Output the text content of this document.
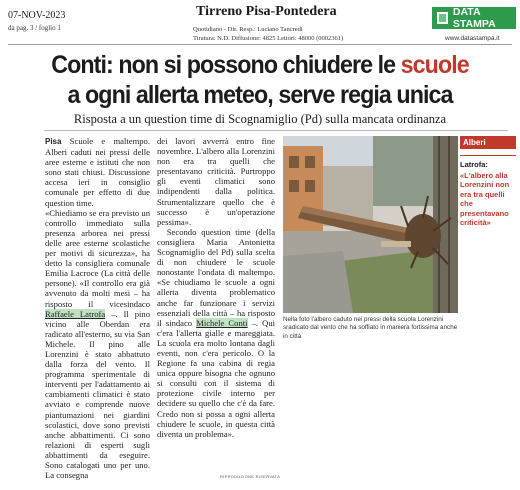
07-NOV-2023
da pag. 3 / foglio 1
Tirreno Pisa-Pontedera
Quotidiano - Dir. Resp.: Luciano Tancredi
Tiratura: N.D. Diffusione: 4825 Lettori: 48000 (0002361)
DATA STAMPA
www.datastampa.it
Conti: non si possono chiudere le scuole
a ogni allerta meteo, serve regia unica
Risposta a un question time di Scognamiglio (Pd) sulla mancata ordinanza
Pisa Scuole e maltempo. Alberi caduti nei pressi delle aree esterne e istituti che non sono stati chiusi. Discussione accesa ieri in consiglio comunale per effetto di due question time.
«Chiediamo se era previsto un controllo immediato sulla presenza arborea nei pressi delle aree esterne scolastiche per motivi di sicurezza», ha detto la consigliera comunale Emilia Lacroce (La città delle persone). «Il controllo era già avvenuto da molti mesi – ha risposto il vicesindaco Raffaele Latrofa –. Il pino vicino alle Oberdan era radicato all'esterno, su via San Michele. Il pino alle Lorenzini è stato abbattuto dalla forza del vento. Il programma sperimentale di interventi per l'adattamento ai cambiamenti climatici è stato avviato e comprende nuove piantumazioni nei giardini scolastici, dove sono previsti anche abbattimenti. Ci sono relazioni di esperti sugli abbattimenti da eseguire. Sono catalogati uno per uno. La consegna
dei lavori avverrà entro fine novembre. L'albero alla Lorenzini non era tra quelli che presentavano criticità. Purtroppo gli eventi climatici sono indipendenti dalla politica. Strumentalizzare quello che è successo è un'operazione pessima».
Secondo question time (della consigliera Maria Antonietta Scognamiglio del Pd) sulla scelta di non chiudere le scuole nonostante l'ondata di maltempo. «Se chiudiamo le scuole a ogni allerta diventa problematico anche far funzionare i servizi essenziali della città – ha risposto il sindaco Michele Conti –. Qui c'era l'allerta gialle e mareggiata. La scuola era molto lontana dagli eventi, non c'era pericolo. O la Regione fa una cabina di regia unica oppure bisogna che ognuno si consulti con il sistema di protezione civile interno per decidere su quello che c'è da fare. Credo non si possa a ogni allerta chiudere le scuole, in questa città diventa un problema».
Nella foto l'albero caduto nei pressi della scuola Lorenzini sradicato dal vento che ha soffiato in maniera fortissima anche in città
Alberi
Latrofa:
«L'albero alla Lorenzini non era tra quelli che presentavano criticità»
RIPRODUZIONE RISERVATA
